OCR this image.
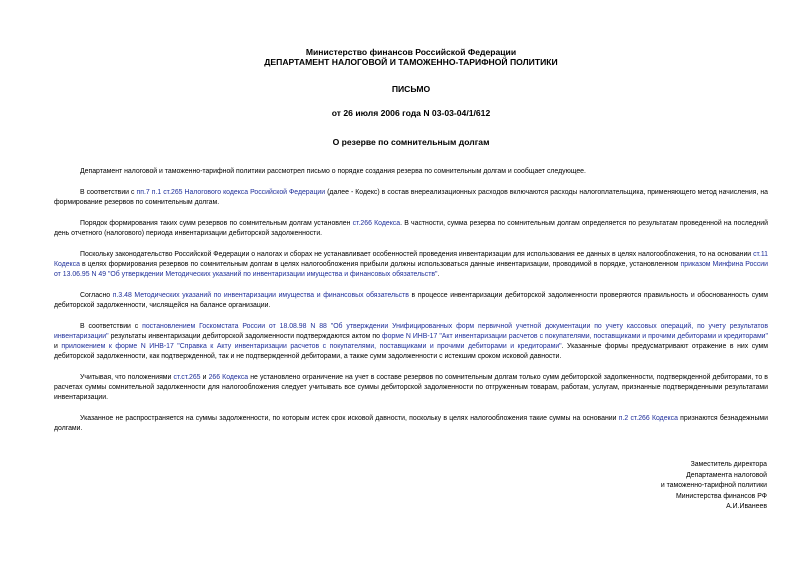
Министерство финансов Российской Федерации
ДЕПАРТАМЕНТ НАЛОГОВОЙ И ТАМОЖЕННО-ТАРИФНОЙ ПОЛИТИКИ
ПИСЬМО
от 26 июля 2006 года N 03-03-04/1/612
О резерве по сомнительным долгам

Департамент налоговой и таможенно-тарифной политики рассмотрел письмо о порядке создания резерва по сомнительным долгам и сообщает следующее.

В соответствии с пп.7 п.1 ст.265 Налогового кодекса Российской Федерации (далее - Кодекс) в состав внереализационных расходов включаются расходы налогоплательщика, применяющего метод начисления, на формирование резервов по сомнительным долгам.

Порядок формирования таких сумм резервов по сомнительным долгам установлен ст.266 Кодекса. В частности, сумма резерва по сомнительным долгам определяется по результатам проведенной на последний день отчетного (налогового) периода инвентаризации дебиторской задолженности.

Поскольку законодательство Российской Федерации о налогах и сборах не устанавливает особенностей проведения инвентаризации для использования ее данных в целях налогообложения, то на основании ст.11 Кодекса в целях формирования резервов по сомнительным долгам в целях налогообложения прибыли должны использоваться данные инвентаризации, проводимой в порядке, установленном приказом Минфина России от 13.06.95 N 49 "Об утверждении Методических указаний по инвентаризации имущества и финансовых обязательств".

Согласно п.3.48 Методических указаний по инвентаризации имущества и финансовых обязательств в процессе инвентаризации дебиторской задолженности проверяются правильность и обоснованность сумм дебиторской задолженности, числящейся на балансе организации.

В соответствии с постановлением Госкомстата России от 18.08.98 N 88 "Об утверждении Унифицированных форм первичной учетной документации по учету кассовых операций, по учету результатов инвентаризации" результаты инвентаризации дебиторской задолженности подтверждаются актом по форме N ИНВ-17 "Акт инвентаризации расчетов с покупателями, поставщиками и прочими дебиторами и кредиторами" и приложением к форме N ИНВ-17 "Справка к Акту инвентаризации расчетов с покупателями, поставщиками и прочими дебиторами и кредиторами". Указанные формы предусматривают отражение в них сумм дебиторской задолженности, как подтвержденной, так и не подтвержденной дебиторами, а также сумм задолженности с истекшим сроком исковой давности.

Учитывая, что положениями ст.ст.265 и 266 Кодекса не установлено ограничение на учет в составе резервов по сомнительным долгам только сумм дебиторской задолженности, подтвержденной дебиторами, то в расчетах суммы сомнительной задолженности для налогообложения следует учитывать все суммы дебиторской задолженности по отгруженным товарам, работам, услугам, признанные подтвержденными результатами инвентаризации.

Указанное не распространяется на суммы задолженности, по которым истек срок исковой давности, поскольку в целях налогообложения такие суммы на основании п.2 ст.266 Кодекса признаются безнадежными долгами.

Заместитель директора
Департамента налоговой
и таможенно-тарифной политики
Министерства финансов РФ
А.И.Иванеев
